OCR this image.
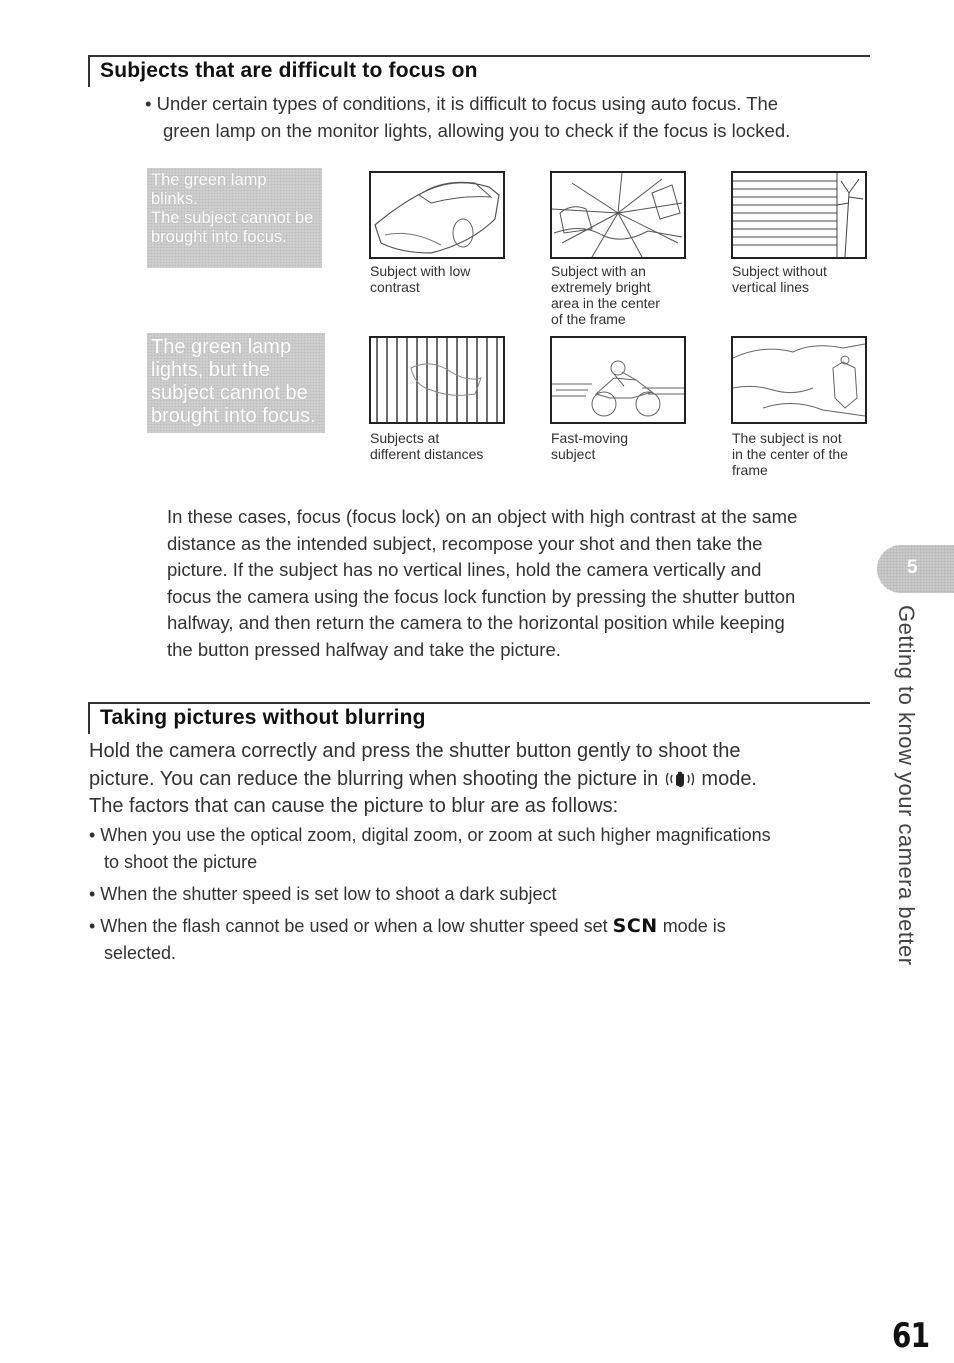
Subjects that are difficult to focus on
• Under certain types of conditions, it is difficult to focus using auto focus. The
green lamp on the monitor lights, allowing you to check if the focus is locked.
The green lamp
blinks.
The subject cannot be
brought into focus.
The green lamp
lights, but the
subject cannot be
brought into focus.
Subject with low
contrast
Subject with an
extremely bright
area in the center
of the frame
Subject without
vertical lines
Subjects at
different distances
Fast-moving
subject
The subject is not
in the center of the
frame
In these cases, focus (focus lock) on an object with high contrast at the same
distance as the intended subject, recompose your shot and then take the
picture. If the subject has no vertical lines, hold the camera vertically and
focus the camera using the focus lock function by pressing the shutter button
halfway, and then return the camera to the horizontal position while keeping
the button pressed halfway and take the picture.
Taking pictures without blurring
Hold the camera correctly and press the shutter button gently to shoot the
picture. You can reduce the blurring when shooting the picture in mode.
The factors that can cause the picture to blur are as follows:
• When you use the optical zoom, digital zoom, or zoom at such higher magnifications
to shoot the picture
• When the shutter speed is set low to shoot a dark subject
• When the flash cannot be used or when a low shutter speed set SCN mode is
selected.
5
Getting to know your camera better
61
